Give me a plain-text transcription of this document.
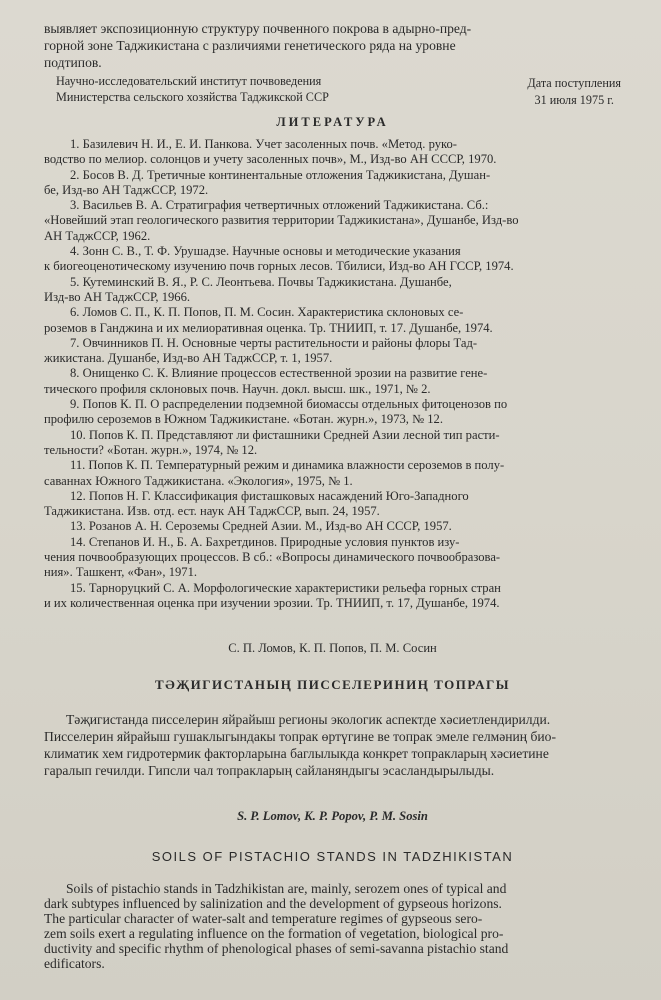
выявляет экспозиционную структуру почвенного покрова в адырно-пред-
горной зоне Таджикистана с различиями генетического ряда на уровне
подтипов.
Научно-исследовательский институт почвоведения
Министерства сельского хозяйства Таджикской ССР
Дата поступления
31 июля 1975 г.
ЛИТЕРАТУРА
1. Базилевич Н. И., Е. И. Панкова. Учет засоленных почв. «Метод. руко-
водство по мелиор. солонцов и учету засоленных почв», М., Изд-во АН СССР, 1970.
2. Босов В. Д. Третичные континентальные отложения Таджикистана, Душан-
бе, Изд-во АН ТаджССР, 1972.
3. Васильев В. А. Стратиграфия четвертичных отложений Таджикистана. Сб.:
«Новейший этап геологического развития территории Таджикистана», Душанбе, Изд-во
АН ТаджССР, 1962.
4. Зонн С. В., Т. Ф. Урушадзе. Научные основы и методические указания
к биогеоценотическому изучению почв горных лесов. Тбилиси, Изд-во АН ГССР, 1974.
5. Кутеминский В. Я., Р. С. Леонтьева. Почвы Таджикистана. Душанбе,
Изд-во АН ТаджССР, 1966.
6. Ломов С. П., К. П. Попов, П. М. Сосин. Характеристика склоновых се-
роземов в Ганджина и их мелиоративная оценка. Тр. ТНИИП, т. 17. Душанбе, 1974.
7. Овчинников П. Н. Основные черты растительности и районы флоры Тад-
жикистана. Душанбе, Изд-во АН ТаджССР, т. 1, 1957.
8. Онищенко С. К. Влияние процессов естественной эрозии на развитие гене-
тического профиля склоновых почв. Научн. докл. высш. шк., 1971, № 2.
9. Попов К. П. О распределении подземной биомассы отдельных фитоценозов по
профилю сероземов в Южном Таджикистане. «Ботан. журн.», 1973, № 12.
10. Попов К. П. Представляют ли фисташники Средней Азии лесной тип расти-
тельности? «Ботан. журн.», 1974, № 12.
11. Попов К. П. Температурный режим и динамика влажности сероземов в полу-
саваннах Южного Таджикистана. «Экология», 1975, № 1.
12. Попов Н. Г. Классификация фисташковых насаждений Юго-Западного
Таджикистана. Изв. отд. ест. наук АН ТаджССР, вып. 24, 1957.
13. Розанов А. Н. Сероземы Средней Азии. М., Изд-во АН СССР, 1957.
14. Степанов И. Н., Б. А. Бахретдинов. Природные условия пунктов изу-
чения почвообразующих процессов. В сб.: «Вопросы динамического почвообразова-
ния». Ташкент, «Фан», 1971.
15. Тарноруцкий С. А. Морфологические характеристики рельефа горных стран
и их количественная оценка при изучении эрозии. Тр. ТНИИП, т. 17, Душанбе, 1974.
С. П. Ломов, К. П. Попов, П. М. Сосин
ТӘҖИГИСТАНЫҢ ПИССЕЛЕРИНИҢ ТОПРАГЫ
Тәҗигистанда писселерин яйрайыш регионы экологик аспектде хәсиетлендирилди.
Писселерин яйрайыш гушаклыгындакы топрак өртүгине ве топрак эмеле гелмәниң био-
климатик хем гидротермик факторларына баглылыкда конкрет топракларың хәсиетине
гаралып гечилди. Гипсли чал топракларың сайланяндыгы эсасландырылыды.
S. P. Lomov, K. P. Popov, P. M. Sosin
SOILS OF PISTACHIO STANDS IN TADZHIKISTAN
Soils of pistachio stands in Tadzhikistan are, mainly, serozem ones of typical and
dark subtypes influenced by salinization and the development of gypseous horizons.
The particular character of water-salt and temperature regimes of gypseous sero-
zem soils exert a regulating influence on the formation of vegetation, biological pro-
ductivity and specific rhythm of phenological phases of semi-savanna pistachio stand
edificators.
